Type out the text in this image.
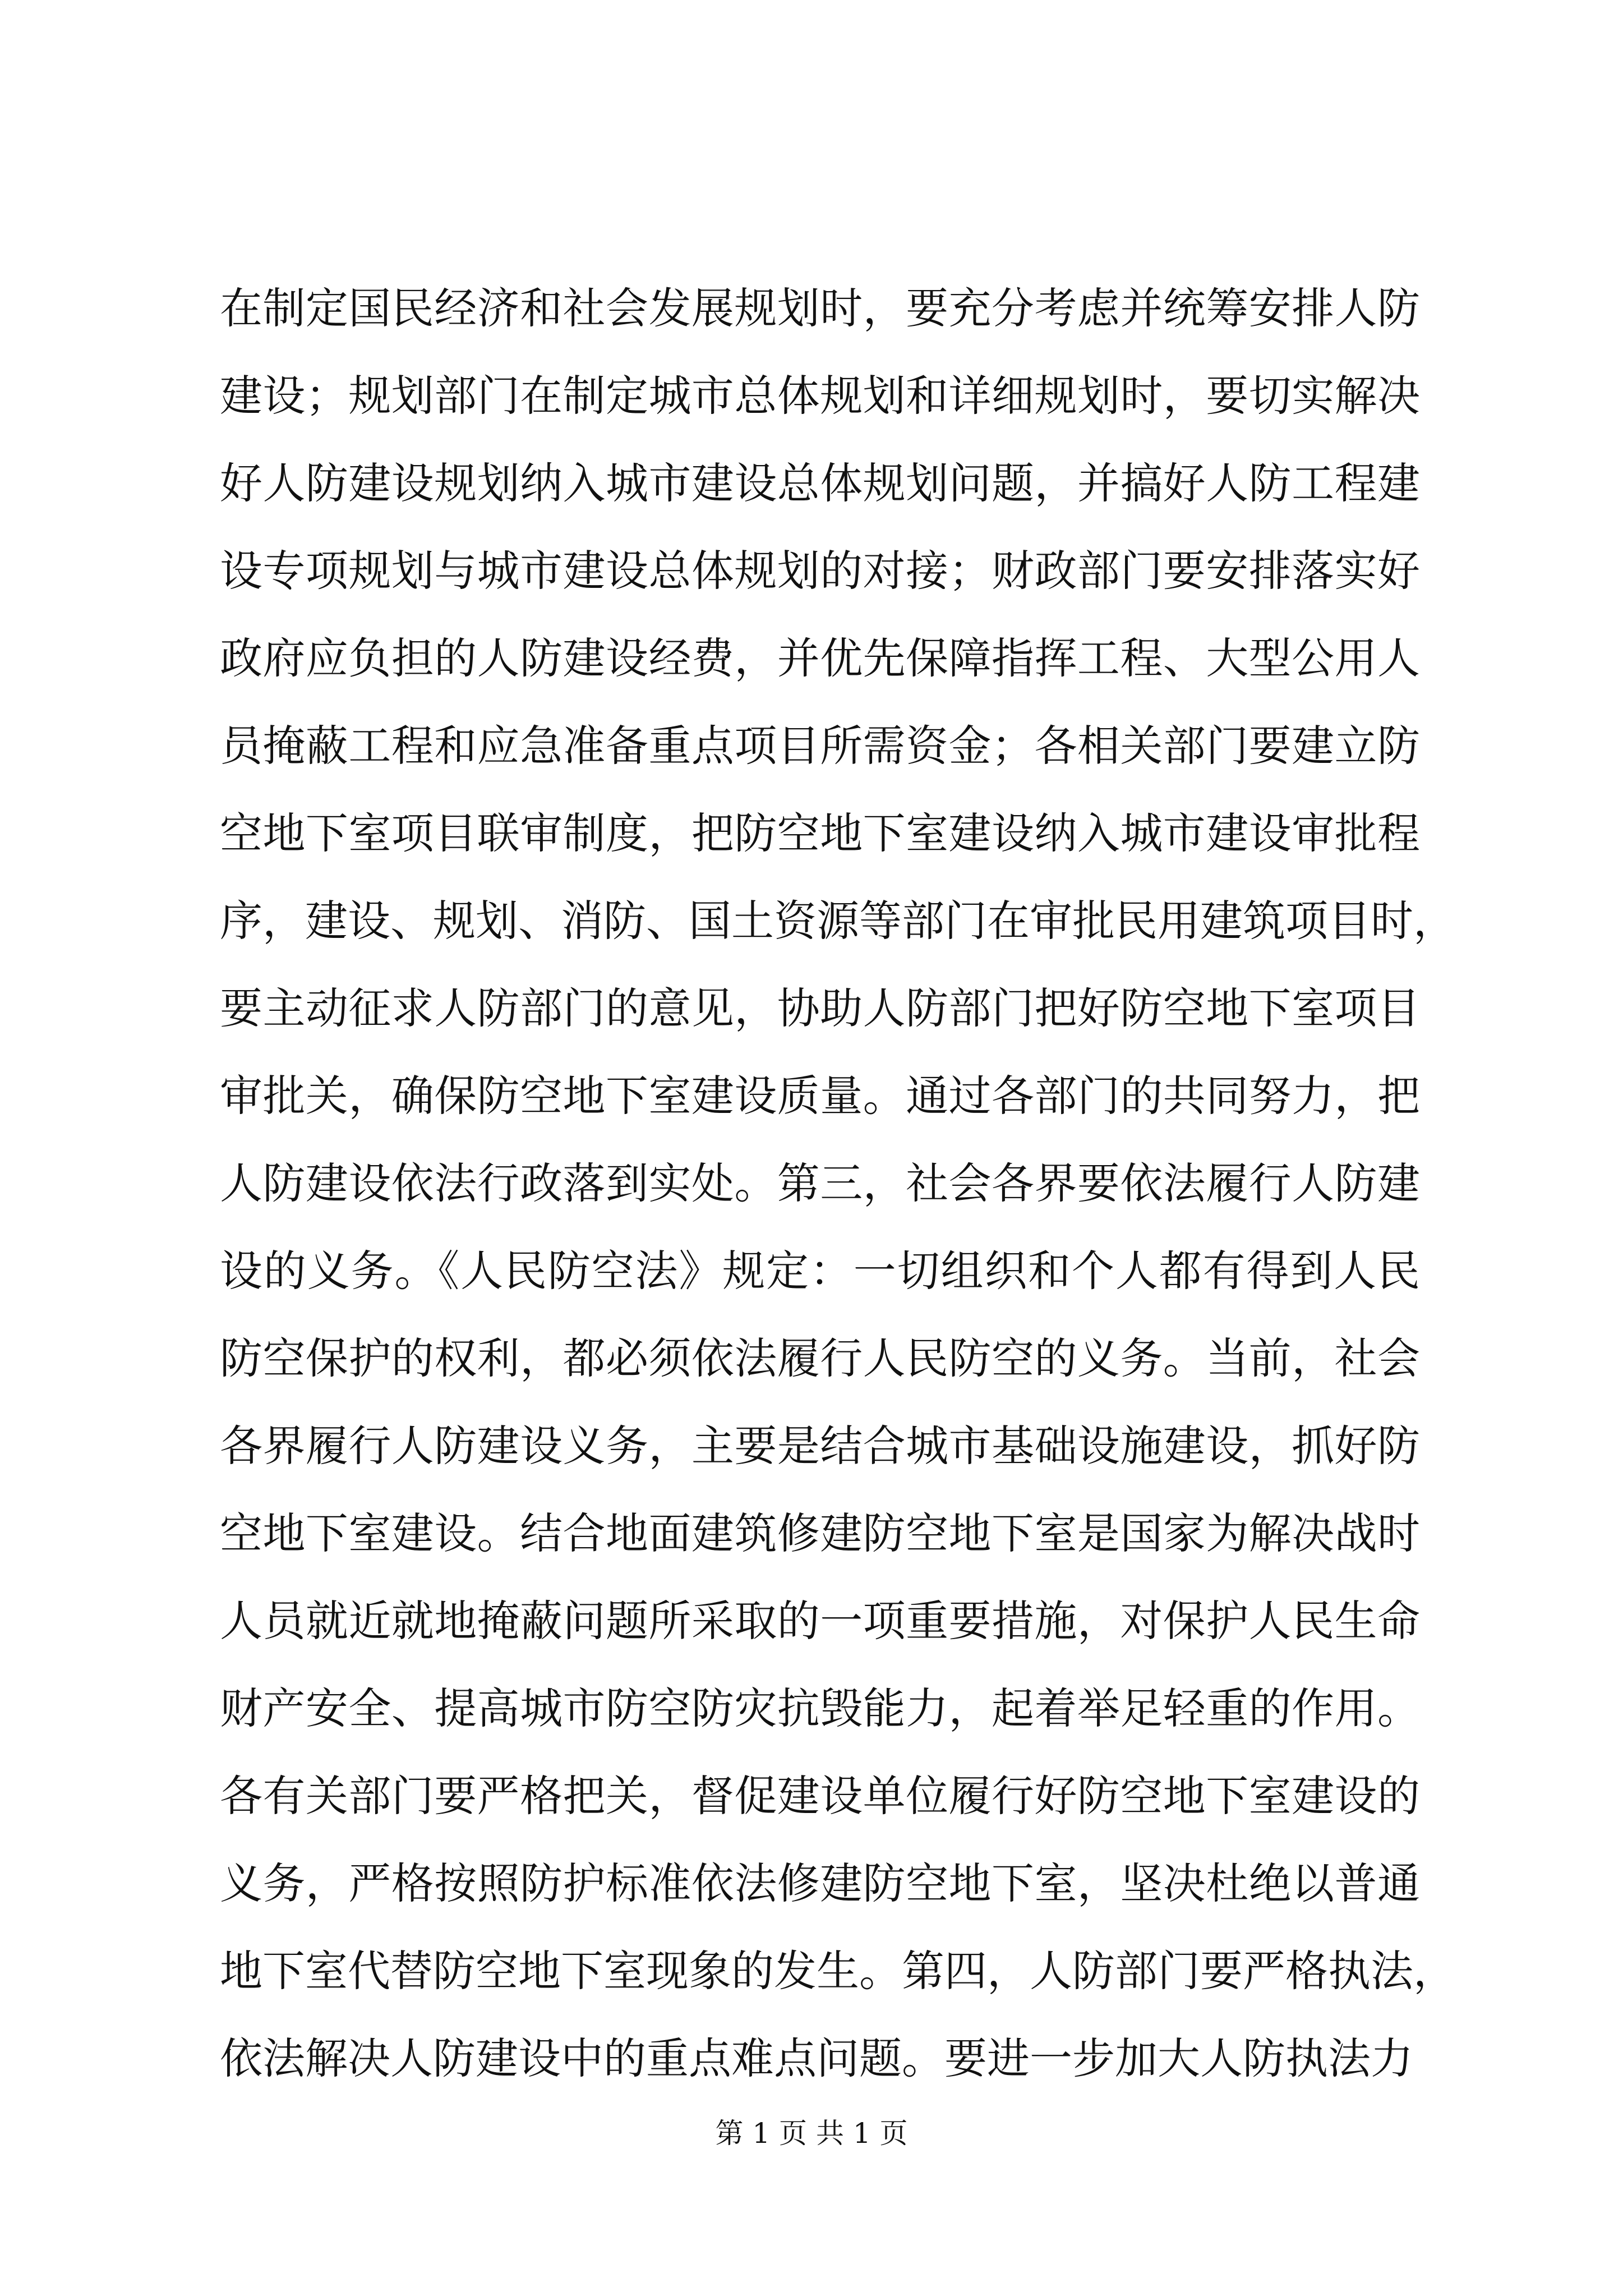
在制定国民经济和社会发展规划时，要充分考虑并统筹安排人防
建设；规划部门在制定城市总体规划和详细规划时，要切实解决
好人防建设规划纳入城市建设总体规划问题，并搞好人防工程建
设专项规划与城市建设总体规划的对接；财政部门要安排落实好
政府应负担的人防建设经费，并优先保障指挥工程、大型公用人
员掩蔽工程和应急准备重点项目所需资金；各相关部门要建立防
空地下室项目联审制度，把防空地下室建设纳入城市建设审批程
序，建设、规划、消防、国土资源等部门在审批民用建筑项目时，
要主动征求人防部门的意见，协助人防部门把好防空地下室项目
审批关，确保防空地下室建设质量。通过各部门的共同努力，把
人防建设依法行政落到实处。第三，社会各界要依法履行人防建
设的义务。《人民防空法》规定：一切组织和个人都有得到人民
防空保护的权利，都必须依法履行人民防空的义务。当前，社会
各界履行人防建设义务，主要是结合城市基础设施建设，抓好防
空地下室建设。结合地面建筑修建防空地下室是国家为解决战时
人员就近就地掩蔽问题所采取的一项重要措施，对保护人民生命
财产安全、提高城市防空防灾抗毁能力，起着举足轻重的作用。
各有关部门要严格把关，督促建设单位履行好防空地下室建设的
义务，严格按照防护标准依法修建防空地下室，坚决杜绝以普通
地下室代替防空地下室现象的发生。第四，人防部门要严格执法，
依法解决人防建设中的重点难点问题。要进一步加大人防执法力
第 1 页 共 1 页
